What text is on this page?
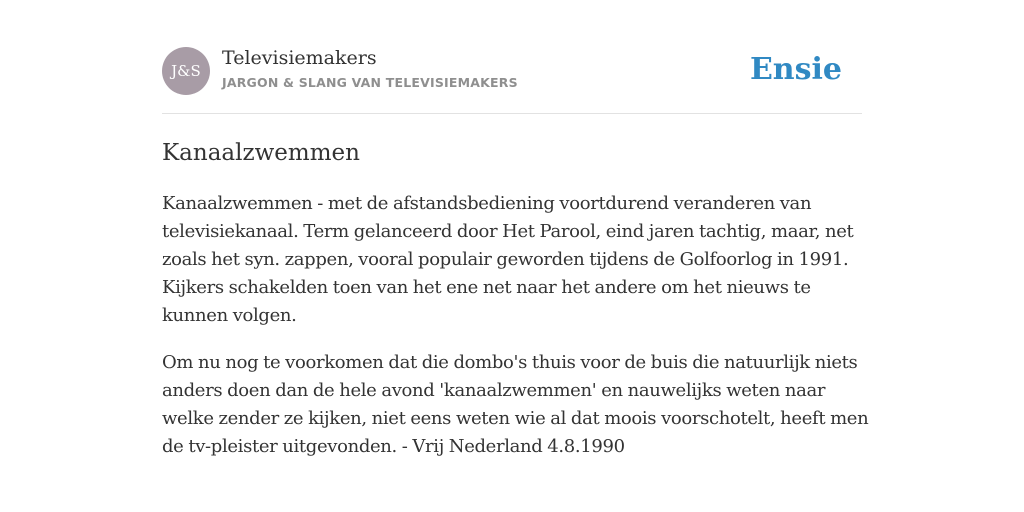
J&S
Televisiemakers
JARGON & SLANG VAN TELEVISIEMAKERS	Ensie
Kanaalzwemmen

Kanaalzwemmen - met de afstandsbediening voortdurend veranderen van
televisiekanaal. Term gelanceerd door Het Parool, eind jaren tachtig, maar, net
zoals het syn. zappen, vooral populair geworden tijdens de Golfoorlog in 1991.
Kijkers schakelden toen van het ene net naar het andere om het nieuws te
kunnen volgen.

Om nu nog te voorkomen dat die dombo's thuis voor de buis die natuurlijk niets
anders doen dan de hele avond 'kanaalzwemmen' en nauwelijks weten naar
welke zender ze kijken, niet eens weten wie al dat moois voorschotelt, heeft men
de tv-pleister uitgevonden. - Vrij Nederland 4.8.1990
